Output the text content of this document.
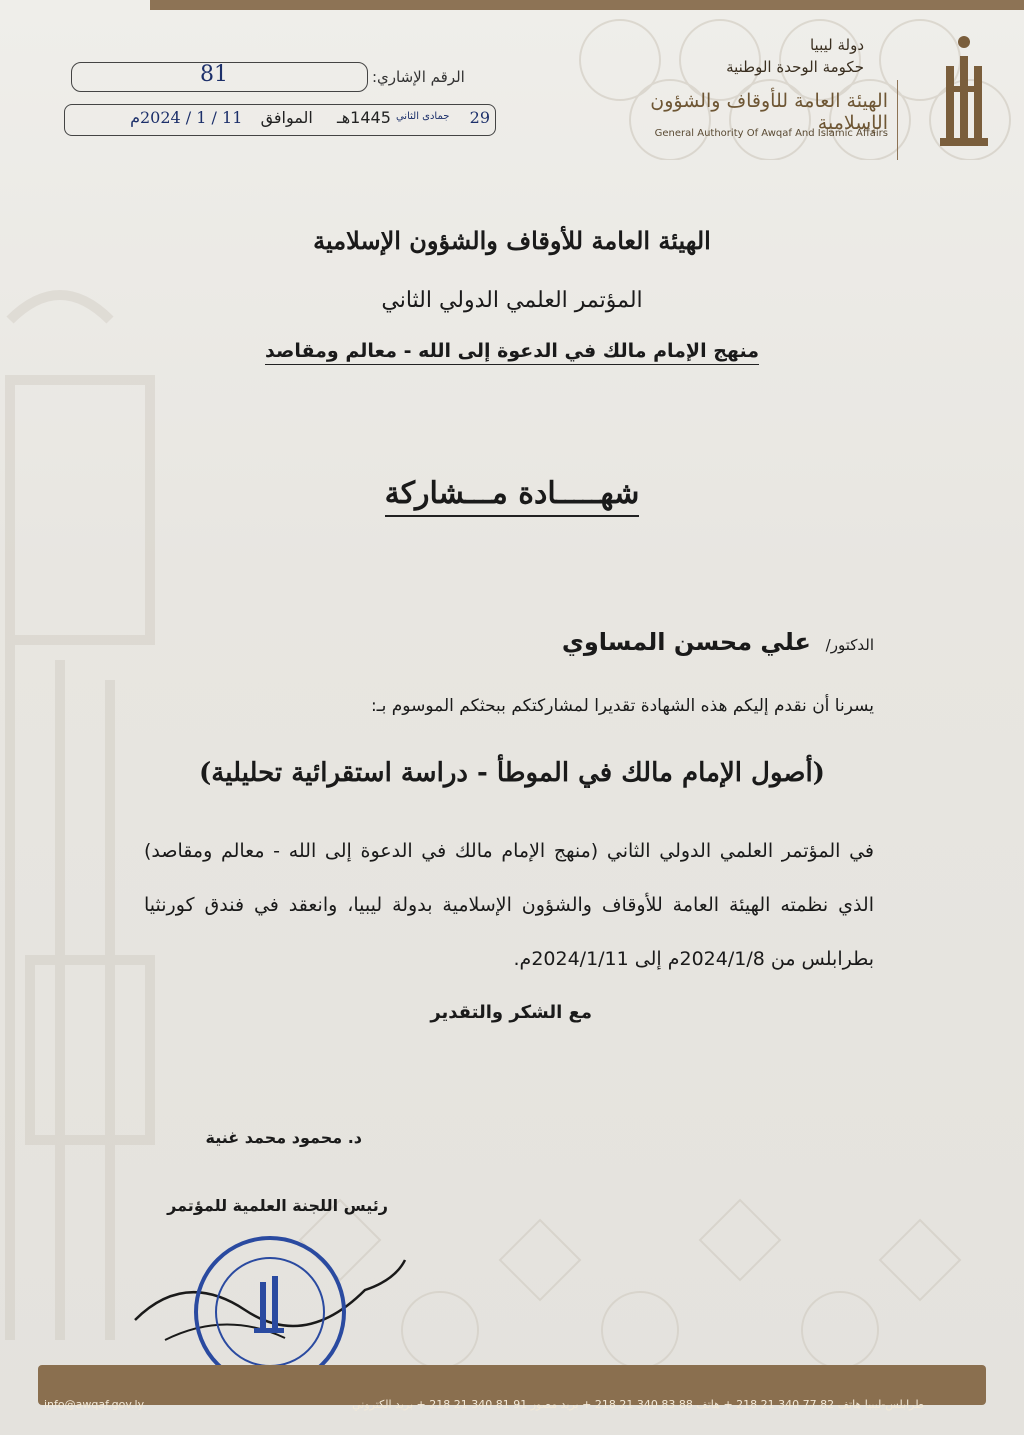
دولة ليبيا
حكومة الوحدة الوطنية
الهيئة العامة للأوقاف والشؤون الإسلامية
General Authority Of Awqaf And Islamic Affairs
الرقم الإشاري:
81
29  جمادى الثاني 1445هـ  الموافق  11 / 1 / 2024م
الهيئة العامة للأوقاف والشؤون الإسلامية
المؤتمر العلمي الدولي الثاني
منهج الإمام مالك في الدعوة إلى الله - معالم ومقاصد
شهـــــادة مـــشاركة
الدكتور/ علي محسن المساوي
يسرنا أن نقدم إليكم هذه الشهادة تقديرا لمشاركتكم ببحثكم الموسوم بـ:
(أصول الإمام مالك في الموطأ - دراسة استقرائية تحليلية)
في المؤتمر العلمي الدولي الثاني (منهج الإمام مالك في الدعوة إلى الله - معالم ومقاصد) الذي نظمته الهيئة العامة للأوقاف والشؤون الإسلامية بدولة ليبيا، وانعقد في فندق كورنثيا بطرابلس من 2024/1/8م إلى 2024/1/11م.
مع الشكر والتقدير
د. محمود محمد غنية
رئيس اللجنة العلمية للمؤتمر
info@awqaf.gov.ly	طرابلس-ليبيا هاتف 82 77 340 21 218 + هاتف 88 83 340 21 218 + بريد مصور 91 81 340 21 218 + بريد الكتروني
